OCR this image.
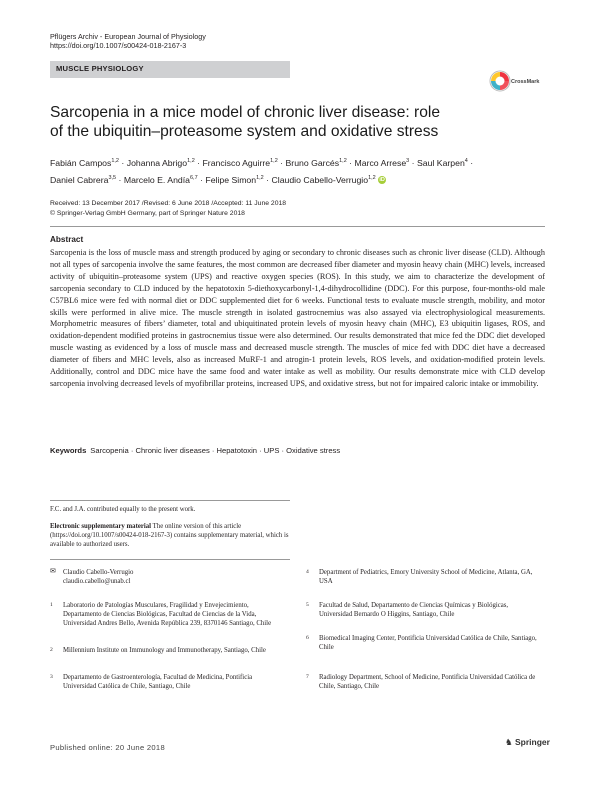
Pflügers Archiv - European Journal of Physiology
https://doi.org/10.1007/s00424-018-2167-3
MUSCLE PHYSIOLOGY
CrossMark
Sarcopenia in a mice model of chronic liver disease: role
of the ubiquitin–proteasome system and oxidative stress
Fabián Campos$^{1,2}$ · Johanna Abrigo$^{1,2}$ · Francisco Aguirre$^{1,2}$ · Bruno Garcés$^{1,2}$ · Marco Arrese$^3$ · Saul Karpen$^4$ ·
Daniel Cabrera$^{3,5}$ · Marcelo E. Andía$^{6,7}$ · Felipe Simon$^{1,2}$ · Claudio Cabello-Verrugio$^{1,2}$ iD
Received: 13 December 2017 /Revised: 6 June 2018 /Accepted: 11 June 2018
© Springer-Verlag GmbH Germany, part of Springer Nature 2018
Abstract
Sarcopenia is the loss of muscle mass and strength produced by aging or secondary to chronic diseases such as chronic liver disease (CLD). Although not all types of sarcopenia involve the same features, the most common are decreased fiber diameter and myosin heavy chain (MHC) levels, increased activity of ubiquitin–proteasome system (UPS) and reactive oxygen species (ROS). In this study, we aim to characterize the development of sarcopenia secondary to CLD induced by the hepatotoxin 5-diethoxycarbonyl-1,4-dihydrocollidine (DDC). For this purpose, four-months-old male C57BL6 mice were fed with normal diet or DDC supplemented diet for 6 weeks. Functional tests to evaluate muscle strength, mobility, and motor skills were performed in alive mice. The muscle strength in isolated gastrocnemius was also assayed via electrophysiological measurements. Morphometric measures of fibers’ diameter, total and ubiquitinated protein levels of myosin heavy chain (MHC), E3 ubiquitin ligases, ROS, and oxidation-dependent modified proteins in gastrocnemius tissue were also determined. Our results demonstrated that mice fed the DDC diet developed muscle wasting as evidenced by a loss of muscle mass and decreased muscle strength. The muscles of mice fed with DDC diet have a decreased diameter of fibers and MHC levels, also as increased MuRF-1 and atrogin-1 protein levels, ROS levels, and oxidation-modified protein levels. Additionally, control and DDC mice have the same food and water intake as well as mobility. Our results demonstrate mice with CLD develop sarcopenia involving decreased levels of myofibrillar proteins, increased UPS, and oxidative stress, but not for impaired caloric intake or immobility.
Keywords Sarcopenia · Chronic liver diseases · Hepatotoxin · UPS · Oxidative stress
F.C. and J.A. contributed equally to the present work.
Electronic supplementary material The online version of this article (https://doi.org/10.1007/s00424-018-2167-3) contains supplementary material, which is available to authorized users.
✉ Claudio Cabello-Verrugio
claudio.cabello@unab.cl
1 Laboratorio de Patologías Musculares, Fragilidad y Envejecimiento, Departamento de Ciencias Biológicas, Facultad de Ciencias de la Vida, Universidad Andres Bello, Avenida República 239, 8370146 Santiago, Chile
2 Millennium Institute on Immunology and Immunotherapy, Santiago, Chile
3 Departamento de Gastroenterología, Facultad de Medicina, Pontificia Universidad Católica de Chile, Santiago, Chile
4 Department of Pediatrics, Emory University School of Medicine, Atlanta, GA, USA
5 Facultad de Salud, Departamento de Ciencias Químicas y Biológicas, Universidad Bernardo O Higgins, Santiago, Chile
6 Biomedical Imaging Center, Pontificia Universidad Católica de Chile, Santiago, Chile
7 Radiology Department, School of Medicine, Pontificia Universidad Católica de Chile, Santiago, Chile
Published online: 20 June 2018
♞ Springer
